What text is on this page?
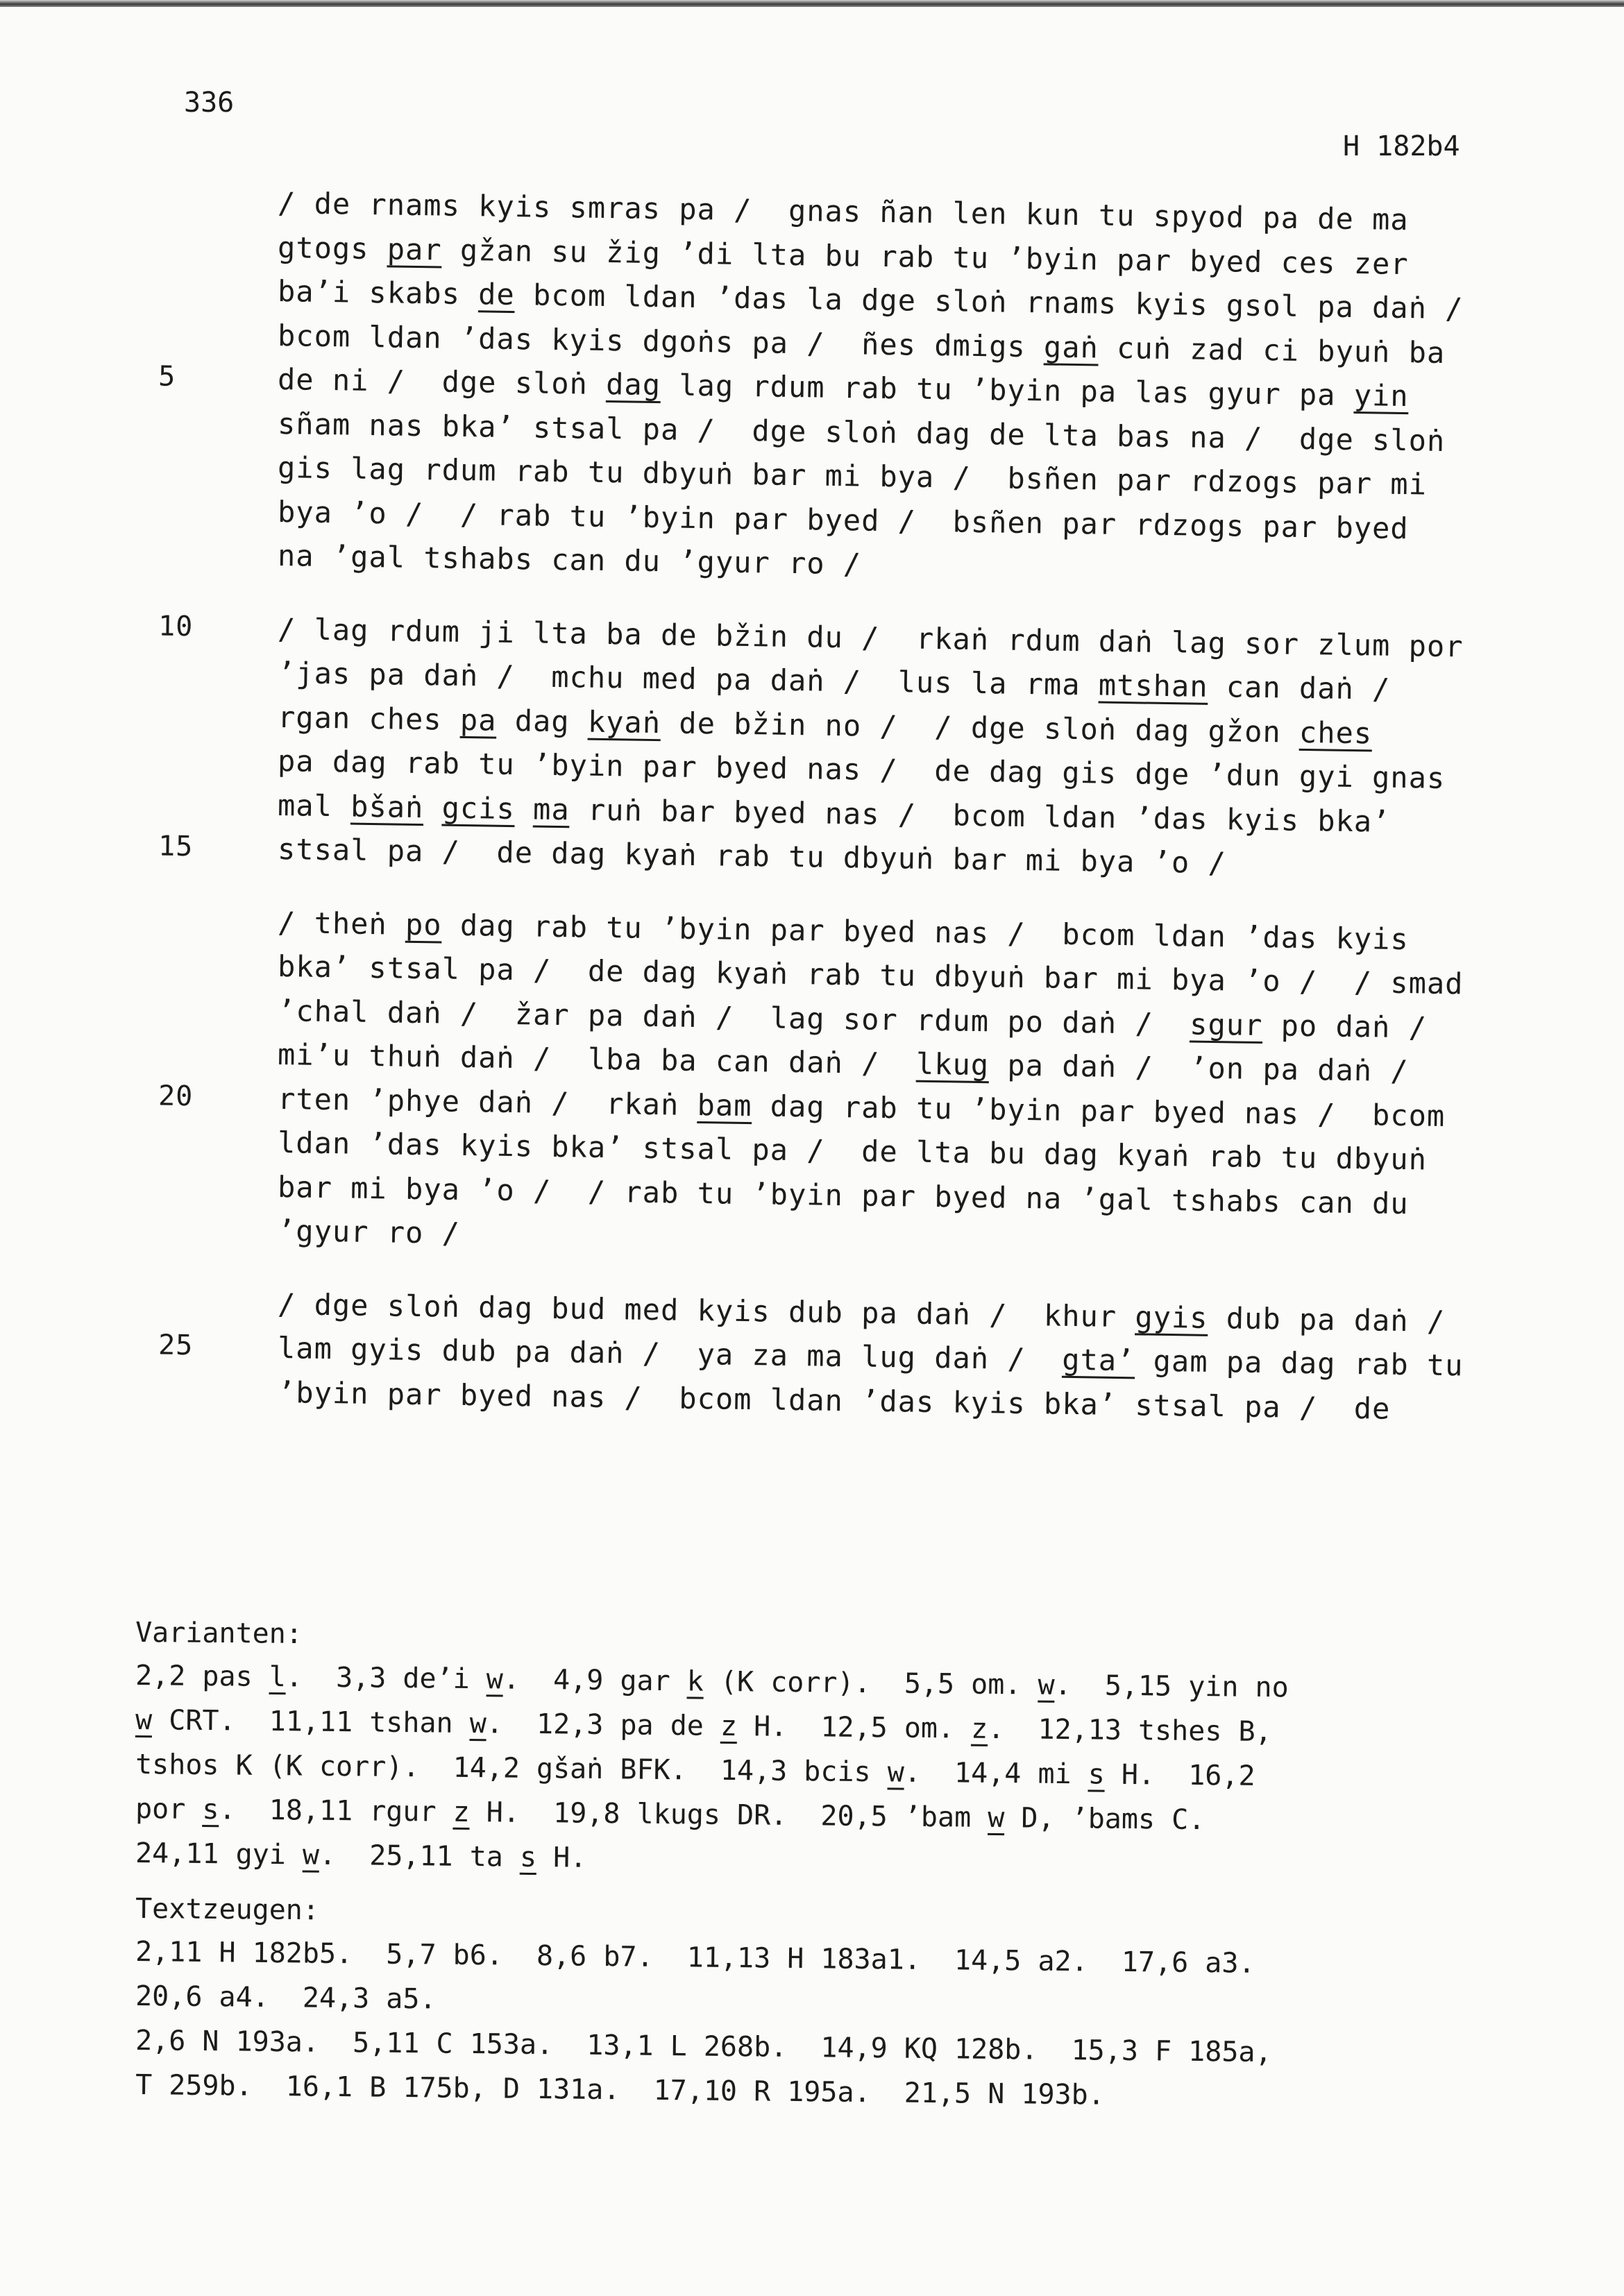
336
H 182b4
/ de rnams kyis smras pa /  gnas ñan len kun tu spyod pa de ma
gtogs par gžan su žig ’di lta bu rab tu ’byin par byed ces zer
ba’i skabs de bcom ldan ’das la dge sloṅ rnams kyis gsol pa daṅ /
bcom ldan ’das kyis dgoṅs pa /  ñes dmigs gaṅ cuṅ zad ci byuṅ ba
5	de ni /  dge sloṅ dag lag rdum rab tu ’byin pa las gyur pa yin
sñam nas bka’ stsal pa /  dge sloṅ dag de lta bas na /  dge sloṅ
gis lag rdum rab tu dbyuṅ bar mi bya /  bsñen par rdzogs par mi
bya ’o /  / rab tu ’byin par byed /  bsñen par rdzogs par byed
na ’gal tshabs can du ’gyur ro /
10	/ lag rdum ji lta ba de bžin du /  rkaṅ rdum daṅ lag sor zlum por
’jas pa daṅ /  mchu med pa daṅ /  lus la rma mtshan can daṅ /
rgan ches pa dag kyaṅ de bžin no /  / dge sloṅ dag gžon ches
pa dag rab tu ’byin par byed nas /  de dag gis dge ’dun gyi gnas
mal bšaṅ gcis ma ruṅ bar byed nas /  bcom ldan ’das kyis bka’
15	stsal pa /  de dag kyaṅ rab tu dbyuṅ bar mi bya ’o /
/ theṅ po dag rab tu ’byin par byed nas /  bcom ldan ’das kyis
bka’ stsal pa /  de dag kyaṅ rab tu dbyuṅ bar mi bya ’o /  / smad
’chal daṅ /  žar pa daṅ /  lag sor rdum po daṅ /  sgur po daṅ /
mi’u thuṅ daṅ /  lba ba can daṅ /  lkug pa daṅ /  ’on pa daṅ /
20	rten ’phye daṅ /  rkaṅ bam dag rab tu ’byin par byed nas /  bcom
ldan ’das kyis bka’ stsal pa /  de lta bu dag kyaṅ rab tu dbyuṅ
bar mi bya ’o /  / rab tu ’byin par byed na ’gal tshabs can du
’gyur ro /
/ dge sloṅ dag bud med kyis dub pa daṅ /  khur gyis dub pa daṅ /
25	lam gyis dub pa daṅ /  ya za ma lug daṅ /  gta’ gam pa dag rab tu
’byin par byed nas /  bcom ldan ’das kyis bka’ stsal pa /  de
Varianten:
2,2 pas l.  3,3 de’i w.  4,9 gar k (K corr).  5,5 om. w.  5,15 yin no
w CRT.  11,11 tshan w.  12,3 pa de z H.  12,5 om. z.  12,13 tshes B,
tshos K (K corr).  14,2 gšaṅ BFK.  14,3 bcis w.  14,4 mi s H.  16,2
por s.  18,11 rgur z H.  19,8 lkugs DR.  20,5 ’bam w D, ’bams C.
24,11 gyi w.  25,11 ta s H.
Textzeugen:
2,11 H 182b5.  5,7 b6.  8,6 b7.  11,13 H 183a1.  14,5 a2.  17,6 a3.
20,6 a4.  24,3 a5.
2,6 N 193a.  5,11 C 153a.  13,1 L 268b.  14,9 KQ 128b.  15,3 F 185a,
T 259b.  16,1 B 175b, D 131a.  17,10 R 195a.  21,5 N 193b.
